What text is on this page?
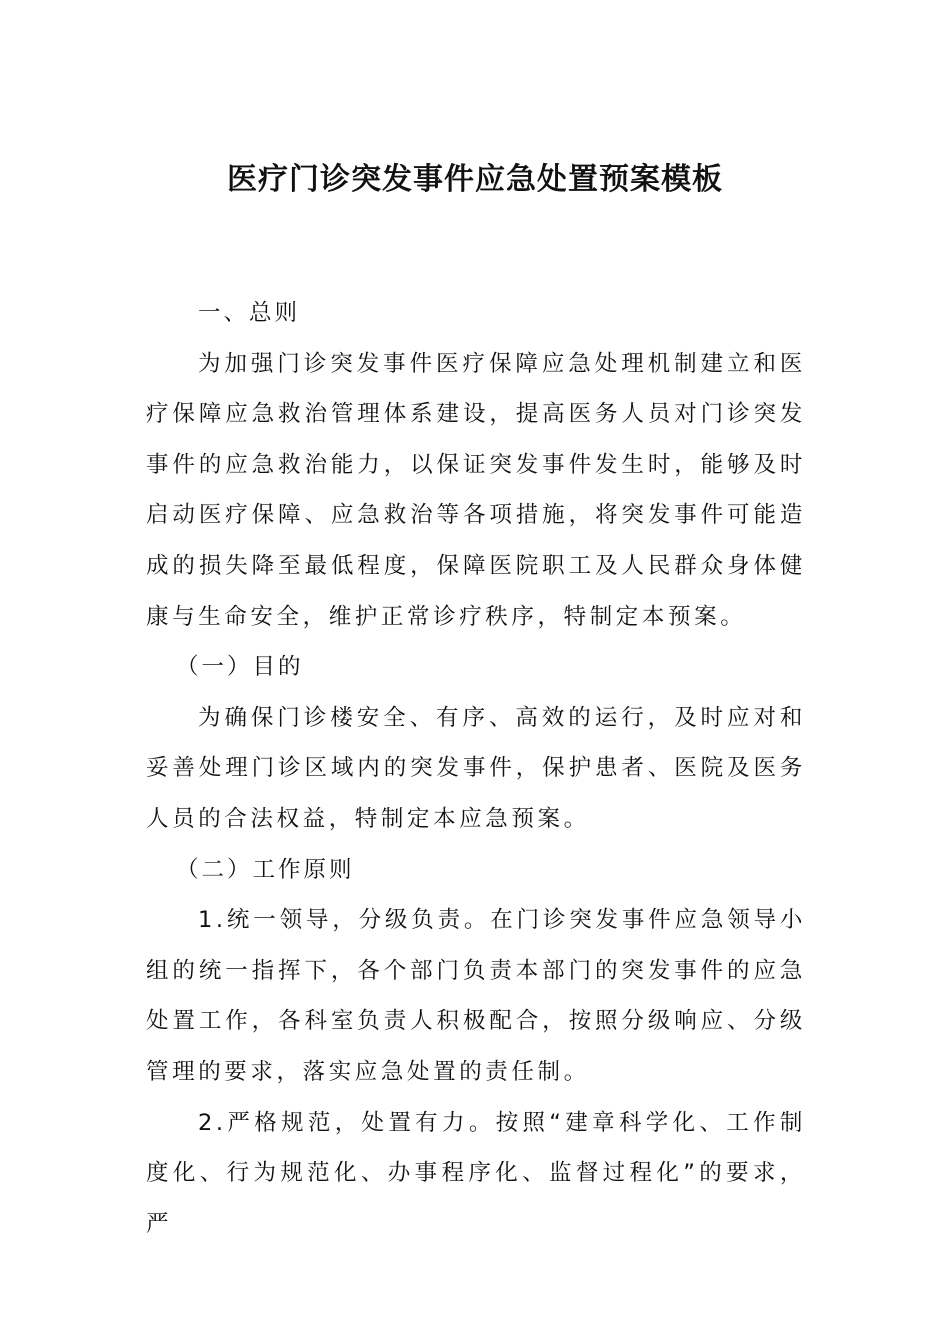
医疗门诊突发事件应急处置预案模板

一、总则

为加强门诊突发事件医疗保障应急处理机制建立和医疗保障应急救治管理体系建设，提高医务人员对门诊突发事件的应急救治能力，以保证突发事件发生时，能够及时启动医疗保障、应急救治等各项措施，将突发事件可能造成的损失降至最低程度，保障医院职工及人民群众身体健康与生命安全，维护正常诊疗秩序，特制定本预案。

（一）目的

为确保门诊楼安全、有序、高效的运行，及时应对和妥善处理门诊区域内的突发事件，保护患者、医院及医务人员的合法权益，特制定本应急预案。

（二）工作原则

1.统一领导，分级负责。在门诊突发事件应急领导小组的统一指挥下，各个部门负责本部门的突发事件的应急处置工作，各科室负责人积极配合，按照分级响应、分级管理的要求，落实应急处置的责任制。

2.严格规范，处置有力。按照“建章科学化、工作制度化、行为规范化、办事程序化、监督过程化”的要求，严
